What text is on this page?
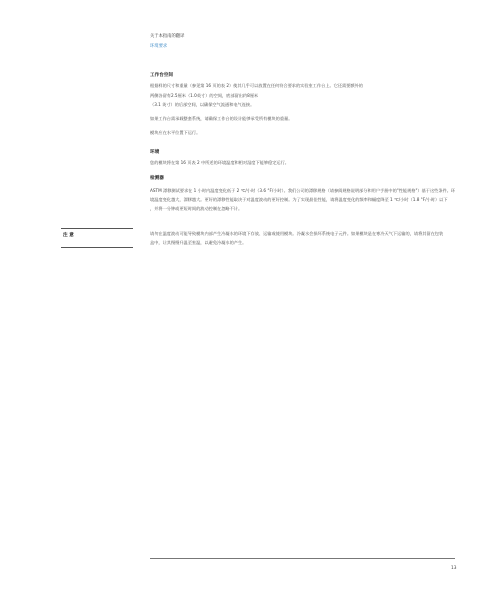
关于本指南的翻译
环境要求
工作台空间
根据样的尺寸和重量（参见第 16 页的表 2）使其几乎可以放置在任何符合要求的实验室工作台上。它还需要额外的
两侧各留有2.5厘米（1.0英寸）的空间，底部留出约8厘米
（3.1 英寸）的后部空间，以确保空气流通和电气连接。
如果工作台需承载整套系统，请确保工作台的设计能够承受所有模块的重量。
模块应在水平位置下运行。
环境
您的模块将在第 16 页表 2 中所述的环境温度和相对湿度下能够稳定运行。
检测器
ASTM 漂移测试要求在 1 小时内温度变化低于 2 ℃/小时（3.6 °F/小时）。我们公司的漂移规格（请参阅规格说明部分和用户手册中的"性能规格"）基于这些条件。环
境温度变化越大，漂移越大。更好的漂移性能取决于对温度波动的更好控制。为了实现最佳性能，请将温度变化的频率和幅度降至 1 ℃/小时（1.8 °F/小时）以下
，并将一分钟或更短时间的波动控制在忽略不计。
注 意	请勿在温度波动可能导致模块内部产生冷凝水的环境下存放、运输或使用模块。冷凝水会损坏系统电子元件。如果模块是在寒冷天气下运输的，请将其留在包装
盒中，让其慢慢升温至室温，以避免冷凝水的产生。
13
